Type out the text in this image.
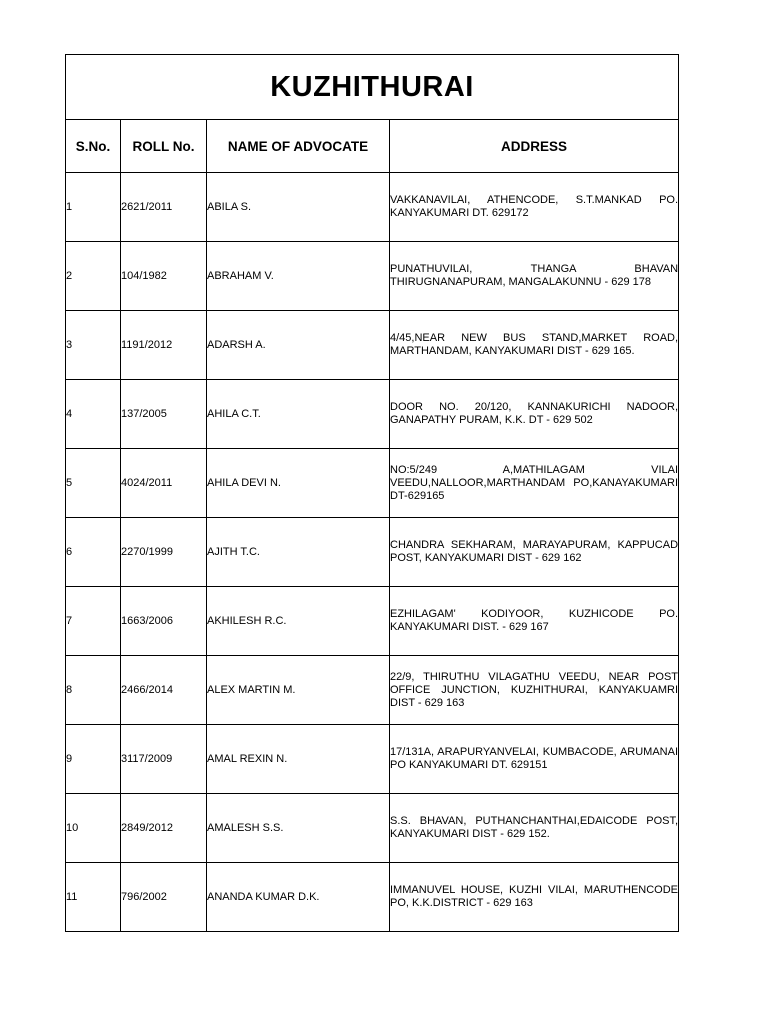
KUZHITHURAI			
S.No.	ROLL No.	NAME OF ADVOCATE	ADDRESS
1	2621/2011	ABILA S.	VAKKANAVILAI, ATHENCODE, S.T.MANKAD PO. KANYAKUMARI DT. 629172
2	104/1982	ABRAHAM V.	PUNATHUVILAI, THANGA BHAVAN THIRUGNANAPURAM, MANGALAKUNNU - 629 178
3	1191/2012	ADARSH A.	4/45,NEAR NEW BUS STAND,MARKET ROAD, MARTHANDAM, KANYAKUMARI DIST - 629 165.
4	137/2005	AHILA C.T.	DOOR NO. 20/120, KANNAKURICHI NADOOR, GANAPATHY PURAM, K.K. DT - 629 502
5	4024/2011	AHILA DEVI N.	NO:5/249 A,MATHILAGAM VILAI VEEDU,NALLOOR,MARTHANDAM PO,KANAYAKUMARI DT-629165
6	2270/1999	AJITH T.C.	CHANDRA SEKHARAM, MARAYAPURAM, KAPPUCAD POST, KANYAKUMARI DIST - 629 162
7	1663/2006	AKHILESH R.C.	EZHILAGAM' KODIYOOR, KUZHICODE PO. KANYAKUMARI DIST. - 629 167
8	2466/2014	ALEX MARTIN M.	22/9, THIRUTHU VILAGATHU VEEDU, NEAR POST OFFICE JUNCTION, KUZHITHURAI, KANYAKUAMRI DIST - 629 163
9	3117/2009	AMAL REXIN N.	17/131A, ARAPURYANVELAI, KUMBACODE, ARUMANAI PO KANYAKUMARI DT. 629151
10	2849/2012	AMALESH S.S.	S.S. BHAVAN, PUTHANCHANTHAI,EDAICODE POST, KANYAKUMARI DIST - 629 152.
11	796/2002	ANANDA KUMAR D.K.	IMMANUVEL HOUSE, KUZHI VILAI, MARUTHENCODE PO, K.K.DISTRICT - 629 163
